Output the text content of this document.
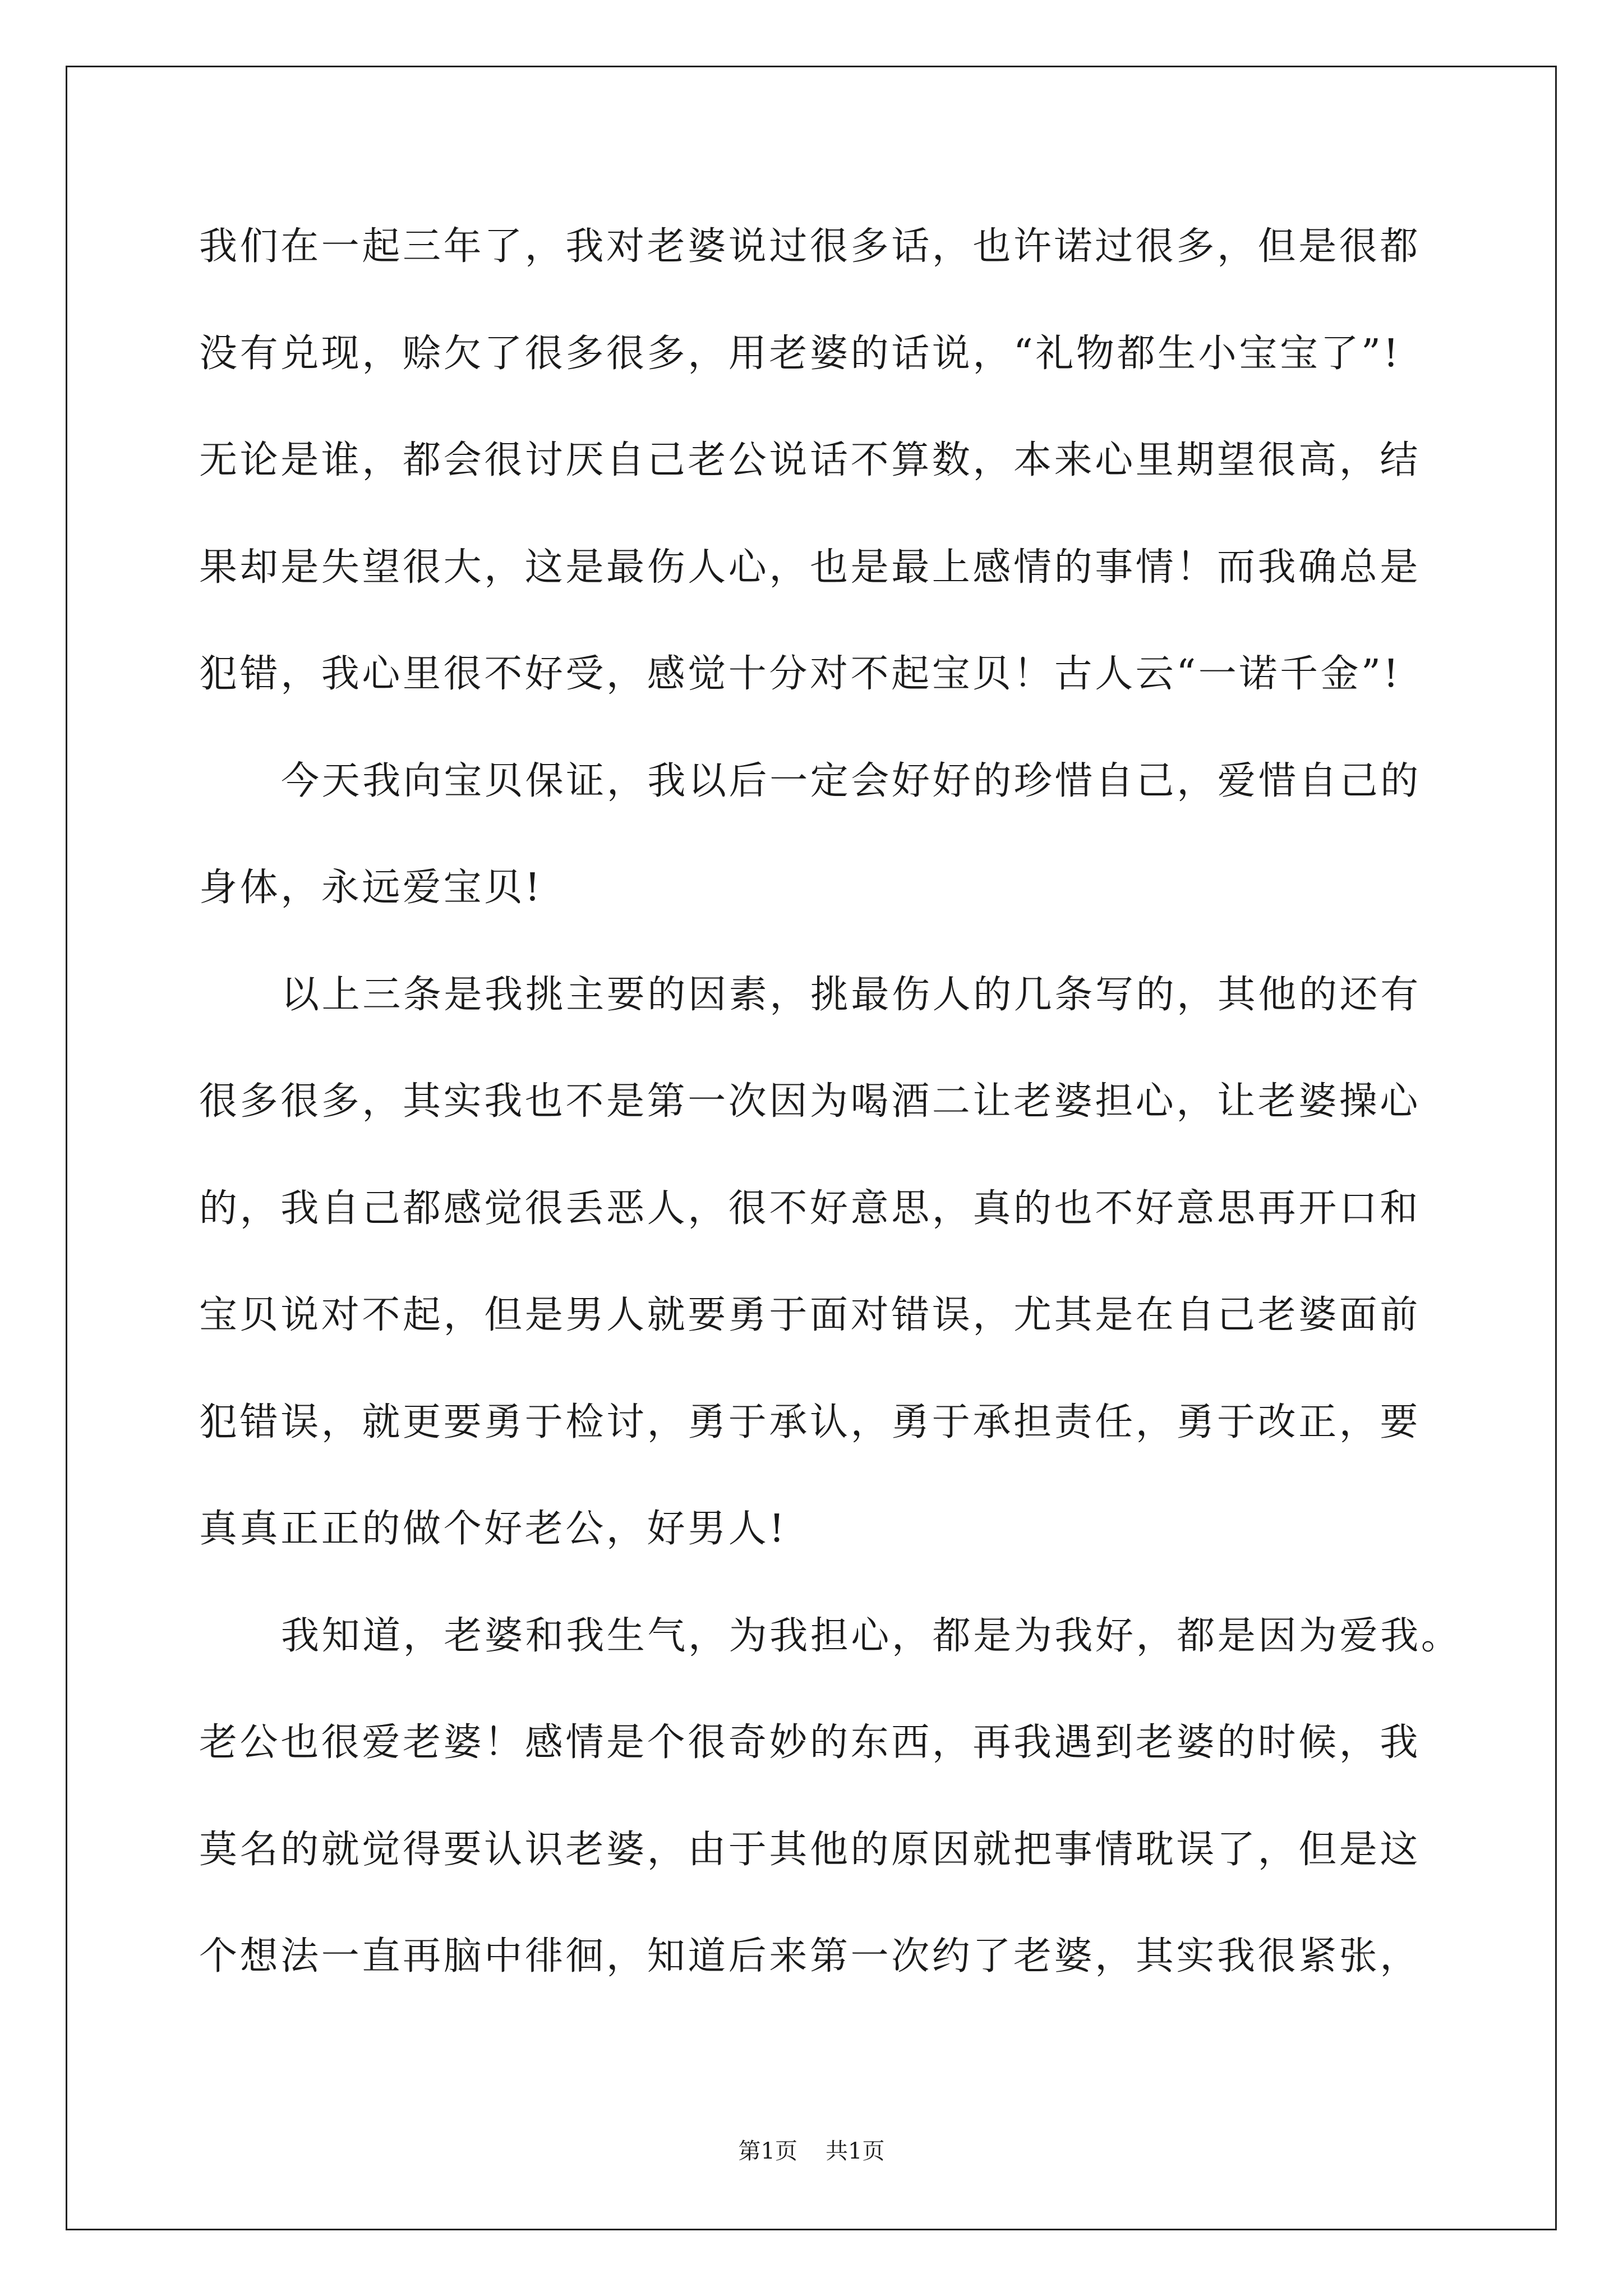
我们在一起三年了，我对老婆说过很多话，也许诺过很多，但是很都
没有兑现，赊欠了很多很多，用老婆的话说，“礼物都生小宝宝了”!
无论是谁，都会很讨厌自己老公说话不算数，本来心里期望很高，结
果却是失望很大，这是最伤人心，也是最上感情的事情！而我确总是
犯错，我心里很不好受，感觉十分对不起宝贝！古人云“一诺千金”!
今天我向宝贝保证，我以后一定会好好的珍惜自己，爱惜自己的
身体，永远爱宝贝!
以上三条是我挑主要的因素，挑最伤人的几条写的，其他的还有
很多很多，其实我也不是第一次因为喝酒二让老婆担心，让老婆操心
的，我自己都感觉很丢恶人，很不好意思，真的也不好意思再开口和
宝贝说对不起，但是男人就要勇于面对错误，尤其是在自己老婆面前
犯错误，就更要勇于检讨，勇于承认，勇于承担责任，勇于改正，要
真真正正的做个好老公，好男人!
我知道，老婆和我生气，为我担心，都是为我好，都是因为爱我。
老公也很爱老婆！感情是个很奇妙的东西，再我遇到老婆的时候，我
莫名的就觉得要认识老婆，由于其他的原因就把事情耽误了，但是这
个想法一直再脑中徘徊，知道后来第一次约了老婆，其实我很紧张，
第1页 共1页
